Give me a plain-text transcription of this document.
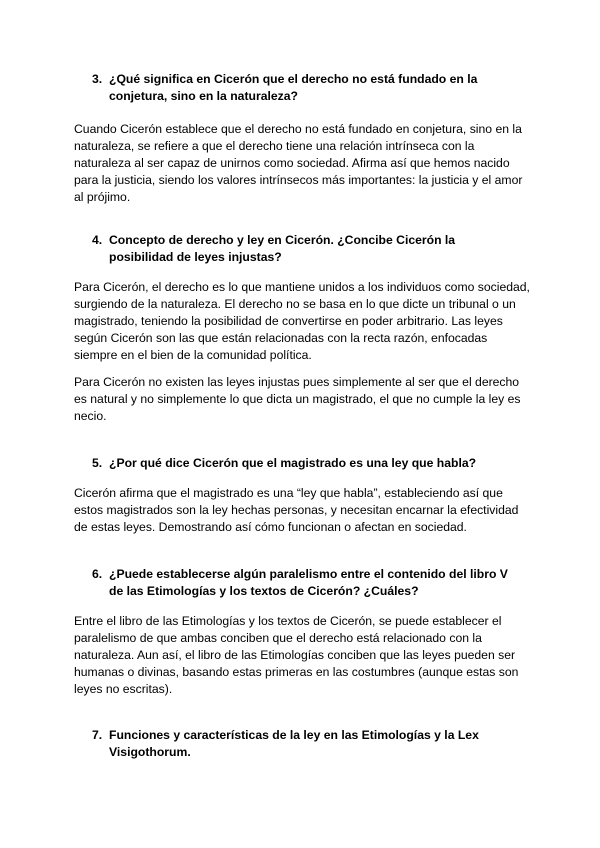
3. ¿Qué significa en Cicerón que el derecho no está fundado en la conjetura, sino en la naturaleza?

Cuando Cicerón establece que el derecho no está fundado en conjetura, sino en la naturaleza, se refiere a que el derecho tiene una relación intrínseca con la naturaleza al ser capaz de unirnos como sociedad. Afirma así que hemos nacido para la justicia, siendo los valores intrínsecos más importantes: la justicia y el amor al prójimo.

4. Concepto de derecho y ley en Cicerón. ¿Concibe Cicerón la posibilidad de leyes injustas?

Para Cicerón, el derecho es lo que mantiene unidos a los individuos como sociedad, surgiendo de la naturaleza. El derecho no se basa en lo que dicte un tribunal o un magistrado, teniendo la posibilidad de convertirse en poder arbitrario. Las leyes según Cicerón son las que están relacionadas con la recta razón, enfocadas siempre en el bien de la comunidad política.

Para Cicerón no existen las leyes injustas pues simplemente al ser que el derecho es natural y no simplemente lo que dicta un magistrado, el que no cumple la ley es necio.

5. ¿Por qué dice Cicerón que el magistrado es una ley que habla?

Cicerón afirma que el magistrado es una “ley que habla”, estableciendo así que estos magistrados son la ley hechas personas, y necesitan encarnar la efectividad de estas leyes. Demostrando así cómo funcionan o afectan en sociedad.

6. ¿Puede establecerse algún paralelismo entre el contenido del libro V de las Etimologías y los textos de Cicerón? ¿Cuáles?

Entre el libro de las Etimologías y los textos de Cicerón, se puede establecer el paralelismo de que ambas conciben que el derecho está relacionado con la naturaleza. Aun así, el libro de las Etimologías conciben que las leyes pueden ser humanas o divinas, basando estas primeras en las costumbres (aunque estas son leyes no escritas).

7. Funciones y características de la ley en las Etimologías y la Lex Visigothorum.
